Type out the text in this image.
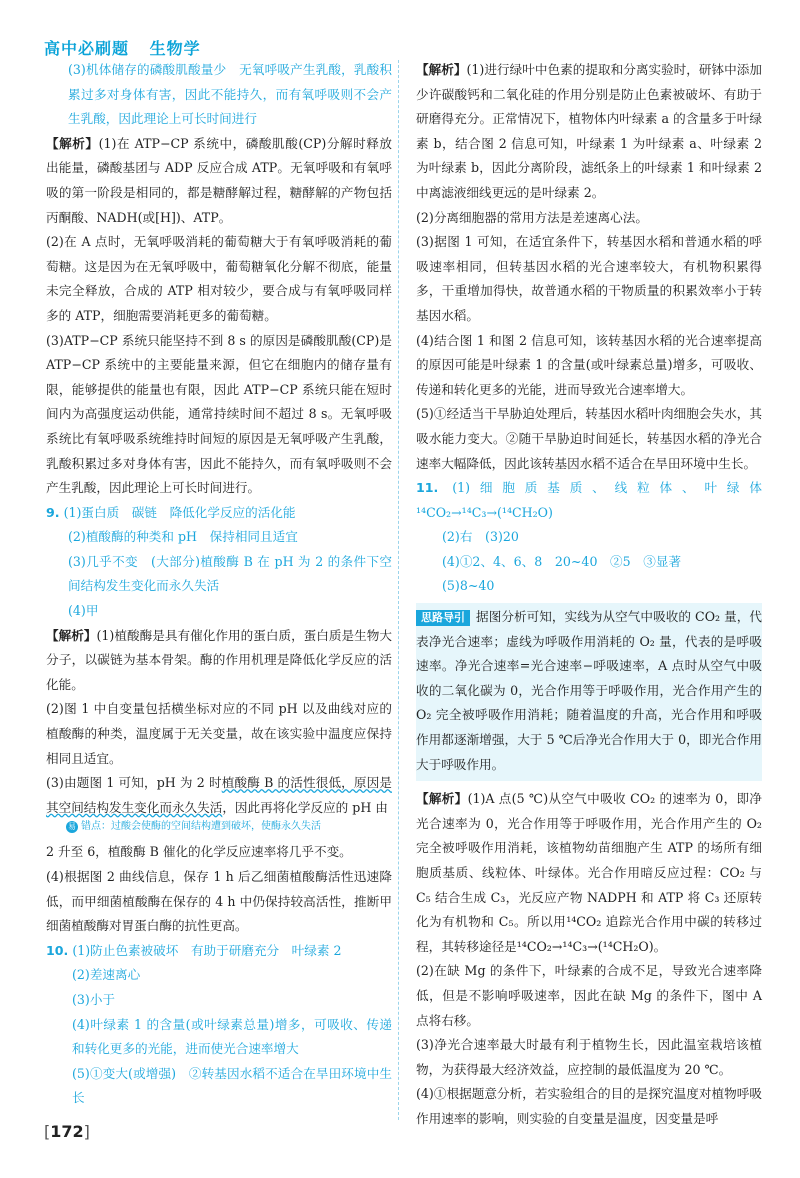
高中必刷题 生物学

(3)机体储存的磷酸肌酸量少　无氧呼吸产生乳酸，乳酸积累过多对身体有害，因此不能持久，而有氧呼吸则不会产生乳酸，因此理论上可长时间进行

【解析】(1)在 ATP−CP 系统中，磷酸肌酸(CP)分解时释放出能量，磷酸基团与 ADP 反应合成 ATP。无氧呼吸和有氧呼吸的第一阶段是相同的，都是糖酵解过程，糖酵解的产物包括丙酮酸、NADH(或[H])、ATP。

(2)在 A 点时，无氧呼吸消耗的葡萄糖大于有氧呼吸消耗的葡萄糖。这是因为在无氧呼吸中，葡萄糖氧化分解不彻底，能量未完全释放，合成的 ATP 相对较少，要合成与有氧呼吸同样多的 ATP，细胞需要消耗更多的葡萄糖。

(3)ATP−CP 系统只能坚持不到 8 s 的原因是磷酸肌酸(CP)是 ATP−CP 系统中的主要能量来源，但它在细胞内的储存量有限，能够提供的能量也有限，因此 ATP−CP 系统只能在短时间内为高强度运动供能，通常持续时间不超过 8 s。无氧呼吸系统比有氧呼吸系统维持时间短的原因是无氧呼吸产生乳酸，乳酸积累过多对身体有害，因此不能持久，而有氧呼吸则不会产生乳酸，因此理论上可长时间进行。

9. (1)蛋白质　碳链　降低化学反应的活化能

(2)植酸酶的种类和 pH　保持相同且适宜

(3)几乎不变　(大部分)植酸酶 B 在 pH 为 2 的条件下空间结构发生变化而永久失活

(4)甲

【解析】(1)植酸酶是具有催化作用的蛋白质，蛋白质是生物大分子，以碳链为基本骨架。酶的作用机理是降低化学反应的活化能。

(2)图 1 中自变量包括横坐标对应的不同 pH 以及曲线对应的植酸酶的种类，温度属于无关变量，故在该实验中温度应保持相同且适宜。

(3)由题图 1 可知，pH 为 2 时植酸酶 B 的活性很低，原因是其空间结构发生变化而永久失活，因此再将化学反应的 pH 由

易 错点：过酸会使酶的空间结构遭到破坏，使酶永久失活

2 升至 6，植酸酶 B 催化的化学反应速率将几乎不变。

(4)根据图 2 曲线信息，保存 1 h 后乙细菌植酸酶活性迅速降低，而甲细菌植酸酶在保存的 4 h 中仍保持较高活性，推断甲细菌植酸酶对胃蛋白酶的抗性更高。

10. (1)防止色素被破坏　有助于研磨充分　叶绿素 2

(2)差速离心

(3)小于

(4)叶绿素 1 的含量(或叶绿素总量)增多，可吸收、传递和转化更多的光能，进而使光合速率增大

(5)①变大(或增强)　②转基因水稻不适合在旱田环境中生长

【解析】(1)进行绿叶中色素的提取和分离实验时，研钵中添加少许碳酸钙和二氧化硅的作用分别是防止色素被破坏、有助于研磨得充分。正常情况下，植物体内叶绿素 a 的含量多于叶绿素 b，结合图 2 信息可知，叶绿素 1 为叶绿素 a、叶绿素 2 为叶绿素 b，因此分离阶段，滤纸条上的叶绿素 1 和叶绿素 2 中离滤液细线更远的是叶绿素 2。

(2)分离细胞器的常用方法是差速离心法。

(3)据图 1 可知，在适宜条件下，转基因水稻和普通水稻的呼吸速率相同，但转基因水稻的光合速率较大，有机物积累得多，干重增加得快，故普通水稻的干物质量的积累效率小于转基因水稻。

(4)结合图 1 和图 2 信息可知，该转基因水稻的光合速率提高的原因可能是叶绿素 1 的含量(或叶绿素总量)增多，可吸收、传递和转化更多的光能，进而导致光合速率增大。

(5)①经适当干旱胁迫处理后，转基因水稻叶肉细胞会失水，其吸水能力变大。②随干旱胁迫时间延长，转基因水稻的净光合速率大幅降低，因此该转基因水稻不适合在旱田环境中生长。

11. (1)细胞质基质、线粒体、叶绿体　¹⁴CO₂→¹⁴C₃→(¹⁴CH₂O)

(2)右　(3)20

(4)①2、4、6、8　20~40　②5　③显著

(5)8~40

思路导引 据图分析可知，实线为从空气中吸收的 CO₂ 量，代表净光合速率；虚线为呼吸作用消耗的 O₂ 量，代表的是呼吸速率。净光合速率=光合速率−呼吸速率，A 点时从空气中吸收的二氧化碳为 0，光合作用等于呼吸作用，光合作用产生的 O₂ 完全被呼吸作用消耗；随着温度的升高，光合作用和呼吸作用都逐渐增强，大于 5 ℃后净光合作用大于 0，即光合作用大于呼吸作用。

【解析】(1)A 点(5 ℃)从空气中吸收 CO₂ 的速率为 0，即净光合速率为 0，光合作用等于呼吸作用，光合作用产生的 O₂ 完全被呼吸作用消耗，该植物幼苗细胞产生 ATP 的场所有细胞质基质、线粒体、叶绿体。光合作用暗反应过程：CO₂ 与 C₅ 结合生成 C₃，光反应产物 NADPH 和 ATP 将 C₃ 还原转化为有机物和 C₅。所以用¹⁴CO₂ 追踪光合作用中碳的转移过程，其转移途径是¹⁴CO₂→¹⁴C₃→(¹⁴CH₂O)。

(2)在缺 Mg 的条件下，叶绿素的合成不足，导致光合速率降低，但是不影响呼吸速率，因此在缺 Mg 的条件下，图中 A 点将右移。

(3)净光合速率最大时最有利于植物生长，因此温室栽培该植物，为获得最大经济效益，应控制的最低温度为 20 ℃。

(4)①根据题意分析，若实验组合的目的是探究温度对植物呼吸作用速率的影响，则实验的自变量是温度，因变量是呼

[172]
